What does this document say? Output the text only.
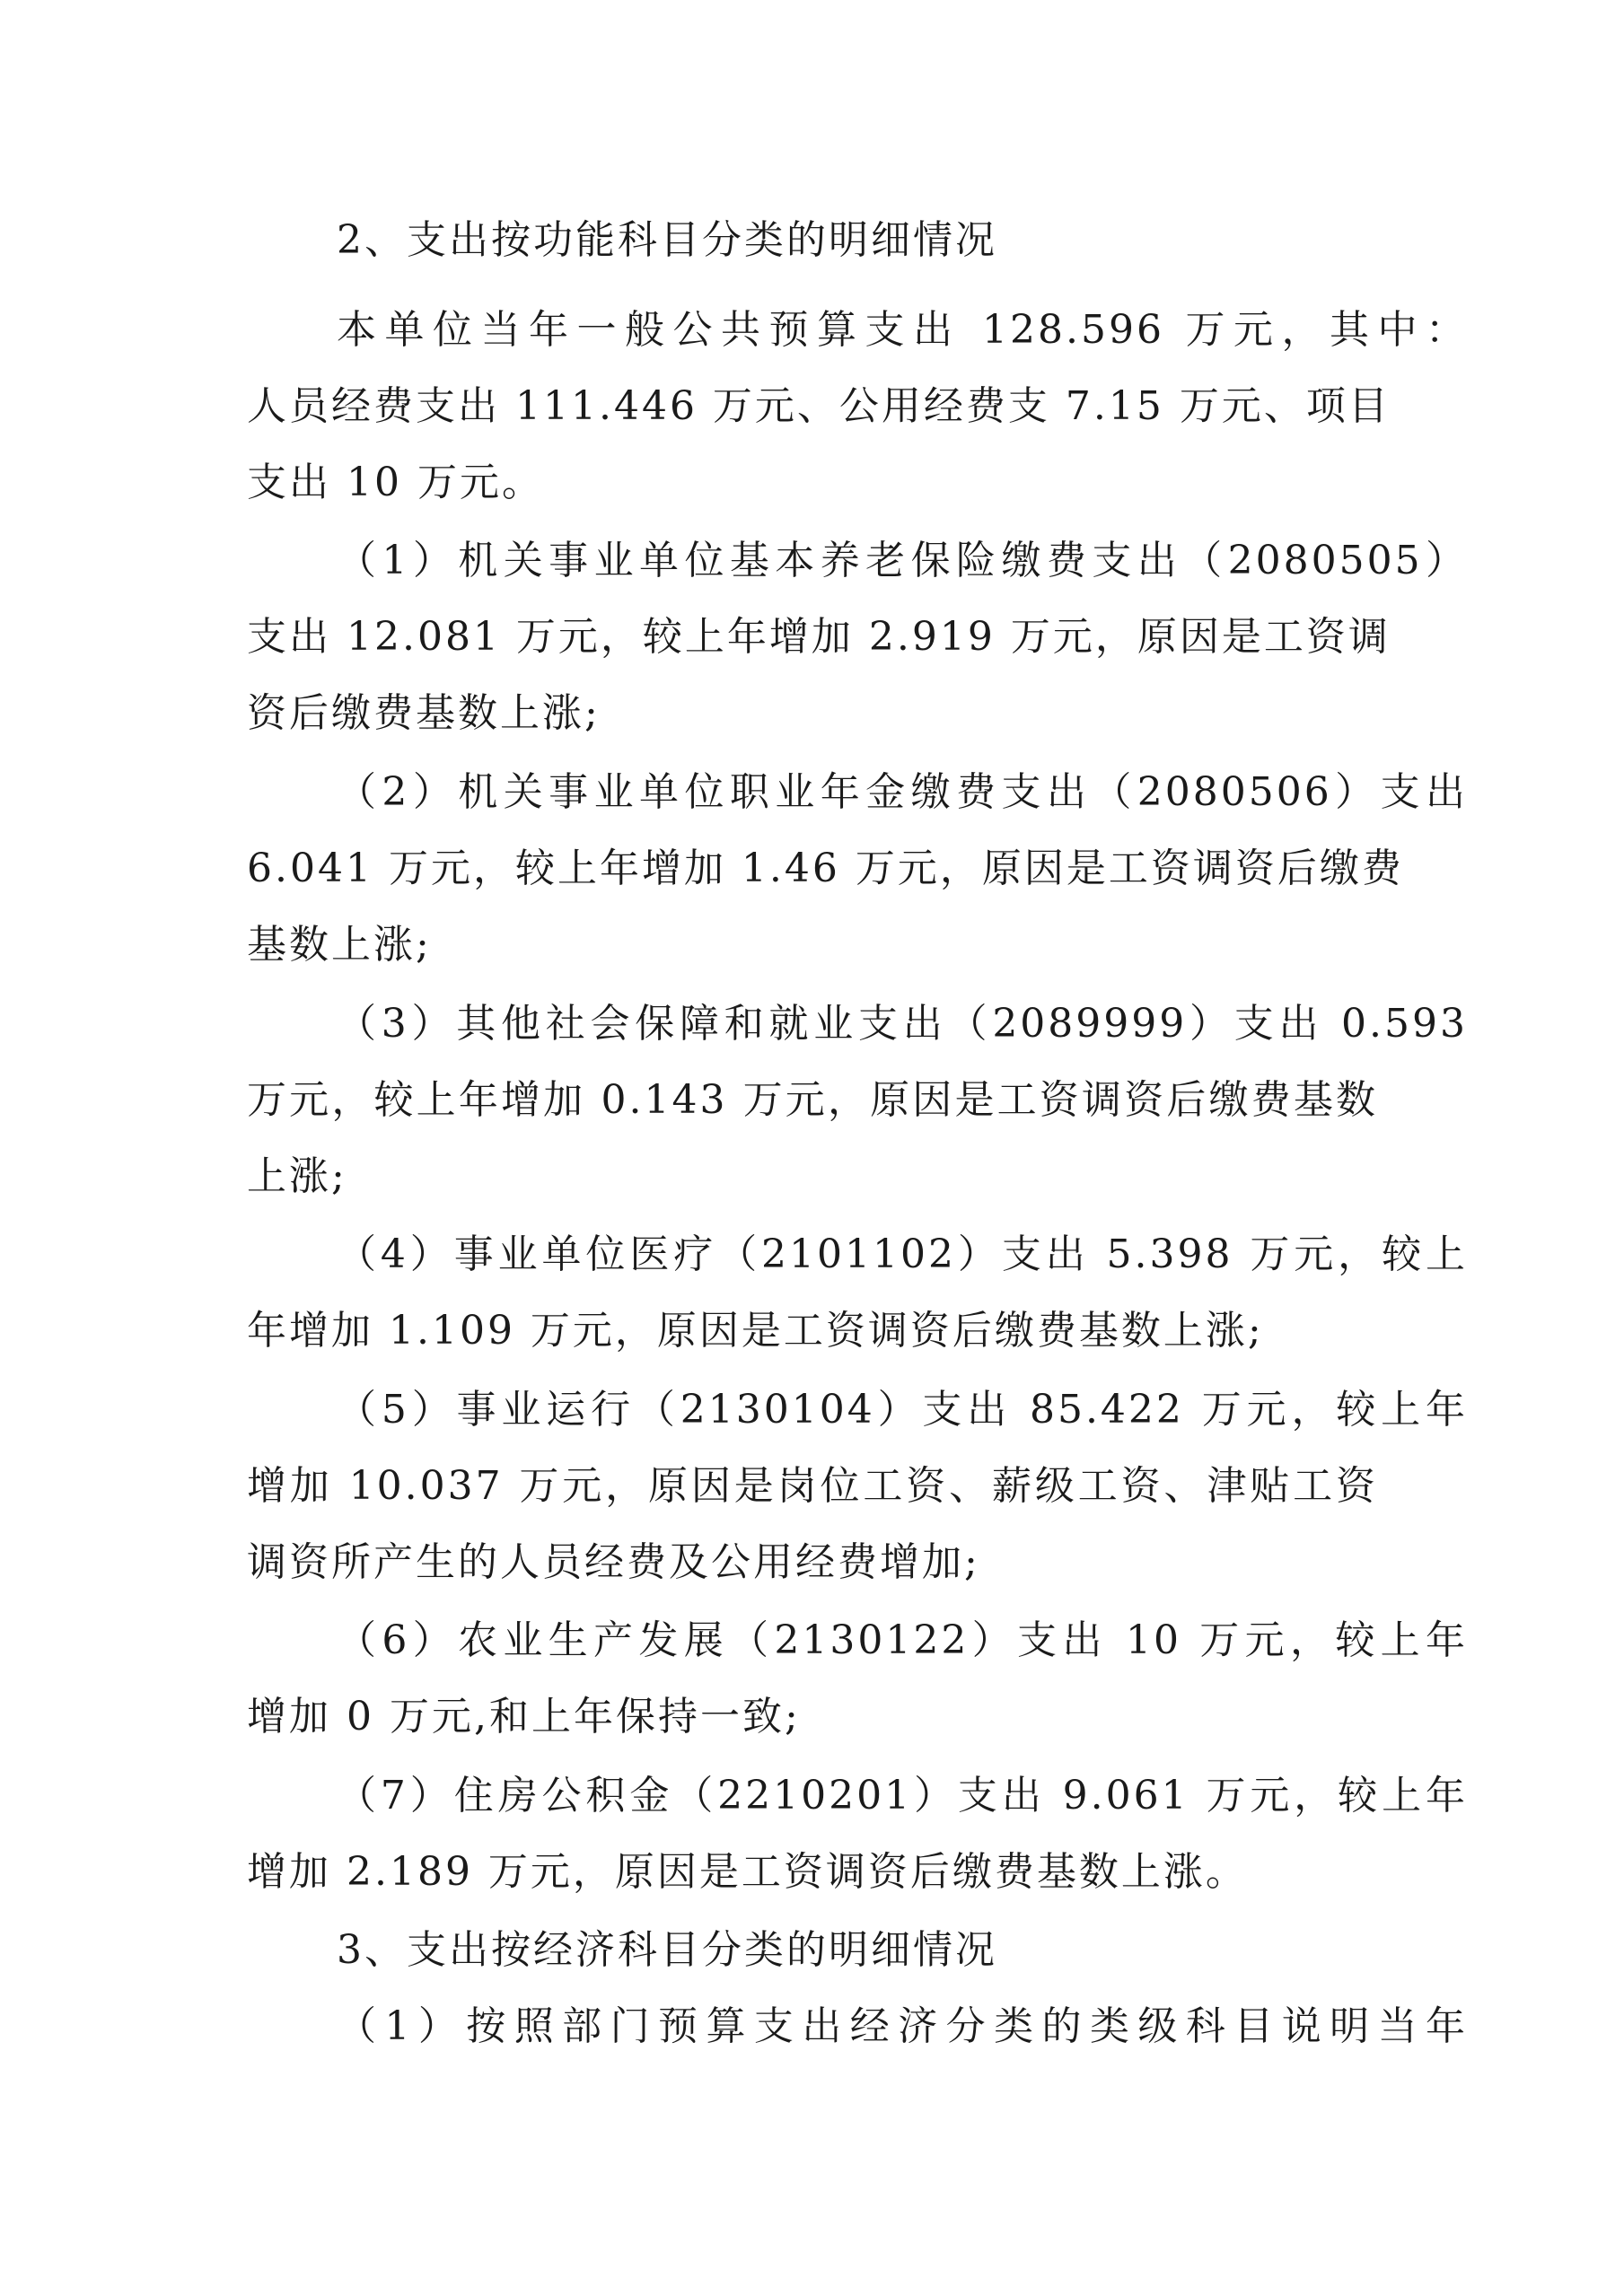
2、支出按功能科目分类的明细情况

本单位当年一般公共预算支出 128.596 万元，其中：

人员经费支出 111.446 万元、公用经费支 7.15 万元、项目

支出 10 万元。

（1）机关事业单位基本养老保险缴费支出（2080505）

支出 12.081 万元，较上年增加 2.919 万元，原因是工资调

资后缴费基数上涨;

（2）机关事业单位职业年金缴费支出（2080506）支出

6.041 万元，较上年增加 1.46 万元，原因是工资调资后缴费

基数上涨;

（3）其他社会保障和就业支出（2089999）支出 0.593

万元，较上年增加 0.143 万元，原因是工资调资后缴费基数

上涨;

（4）事业单位医疗（2101102）支出 5.398 万元，较上

年增加 1.109 万元，原因是工资调资后缴费基数上涨;

（5）事业运行（2130104）支出 85.422 万元，较上年

增加 10.037 万元，原因是岗位工资、薪级工资、津贴工资

调资所产生的人员经费及公用经费增加;

（6）农业生产发展（2130122）支出 10 万元，较上年

增加 0 万元,和上年保持一致;

（7）住房公积金（2210201）支出 9.061 万元，较上年

增加 2.189 万元，原因是工资调资后缴费基数上涨。

3、支出按经济科目分类的明细情况

（1）按照部门预算支出经济分类的类级科目说明当年
